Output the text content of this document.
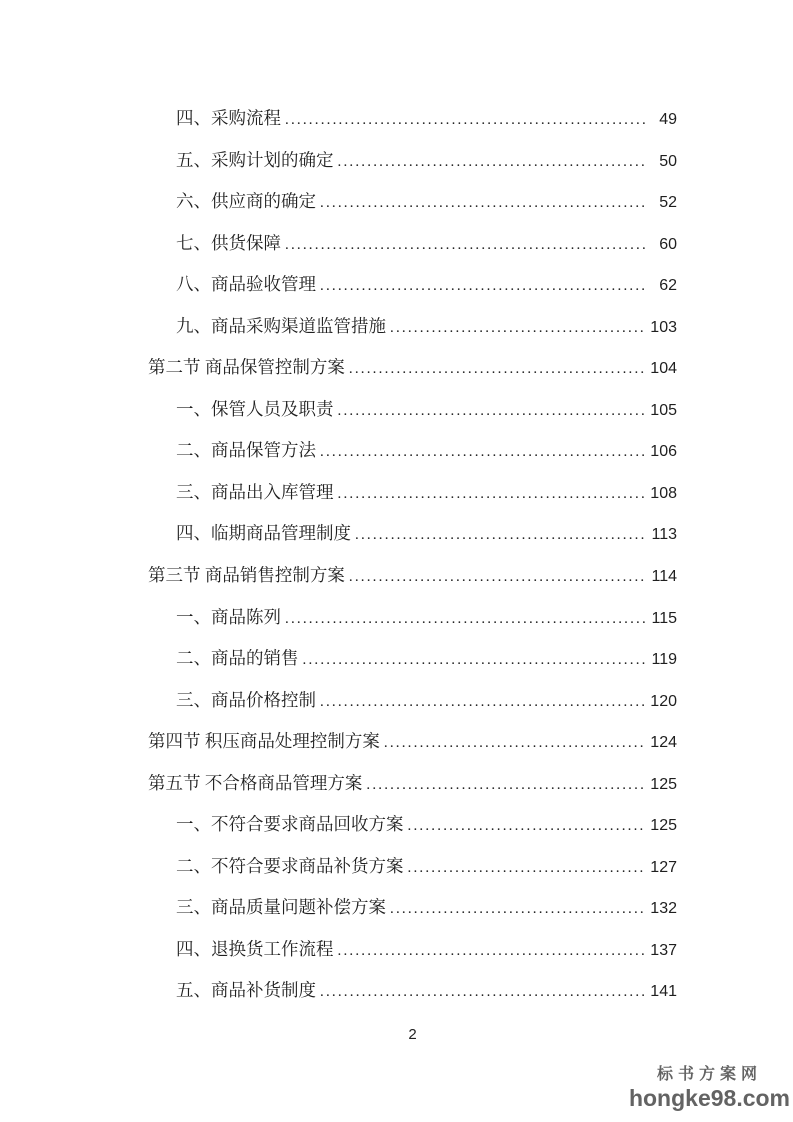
四、采购流程 .....	49
五、采购计划的确定 .....	50
六、供应商的确定 .....	52
七、供货保障 .....	60
八、商品验收管理 .....	62
九、商品采购渠道监管措施 .....	103
第二节 商品保管控制方案 .....	104
一、保管人员及职责 .....	105
二、商品保管方法 .....	106
三、商品出入库管理 .....	108
四、临期商品管理制度 .....	113
第三节 商品销售控制方案 .....	114
一、商品陈列 .....	115
二、商品的销售 .....	119
三、商品价格控制 .....	120
第四节 积压商品处理控制方案 .....	124
第五节 不合格商品管理方案 .....	125
一、不符合要求商品回收方案 .....	125
二、不符合要求商品补货方案 .....	127
三、商品质量问题补偿方案 .....	132
四、退换货工作流程 .....	137
五、商品补货制度 .....	141
2
标书方案网
hongke98.com
